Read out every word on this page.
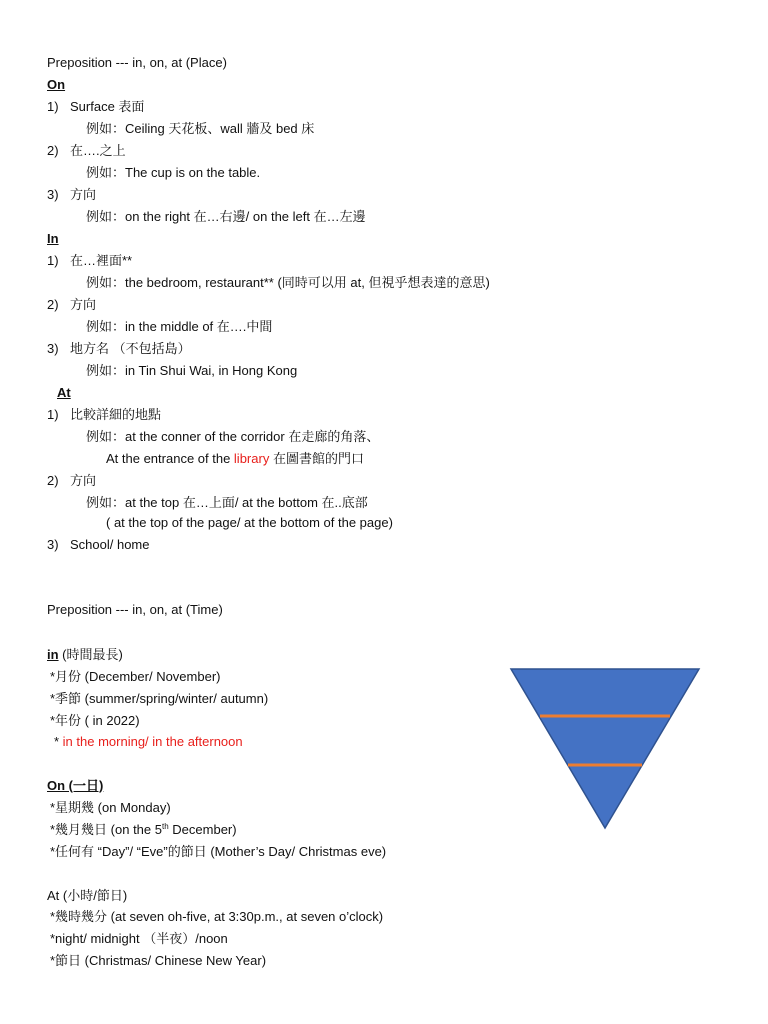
Preposition --- in, on, at (Place)
On
1) Surface 表面
例如：Ceiling 天花板、wall 牆及 bed 床
2) 在….之上
例如：The cup is on the table.
3) 方向
例如：on the right 在…右邊/ on the left 在…左邊
In
1) 在…裡面**
例如：the bedroom, restaurant** (同時可以用 at, 但視乎想表達的意思)
2) 方向
例如：in the middle of 在….中間
3) 地方名 （不包括島）
例如：in Tin Shui Wai, in Hong Kong
At
1) 比較詳細的地點
例如：at the conner of the corridor 在走廊的角落、
At the entrance of the library 在圖書館的門口
2) 方向
例如：at the top 在…上面/ at the bottom 在..底部
( at the top of the page/ at the bottom of the page)
3) School/ home
Preposition --- in, on, at (Time)
in (時間最長)
*月份 (December/ November)
*季節 (summer/spring/winter/ autumn)
*年份 ( in 2022)
* in the morning/ in the afternoon
On (一日)
*星期幾 (on Monday)
*幾月幾日 (on the 5th December)
*任何有 “Day”/ “Eve”的節日 (Mother’s Day/ Christmas eve)
At (小時/節日)
*幾時幾分 (at seven oh-five, at 3:30p.m., at seven o’clock)
*night/ midnight （半夜）/noon
*節日 (Christmas/ Chinese New Year)
